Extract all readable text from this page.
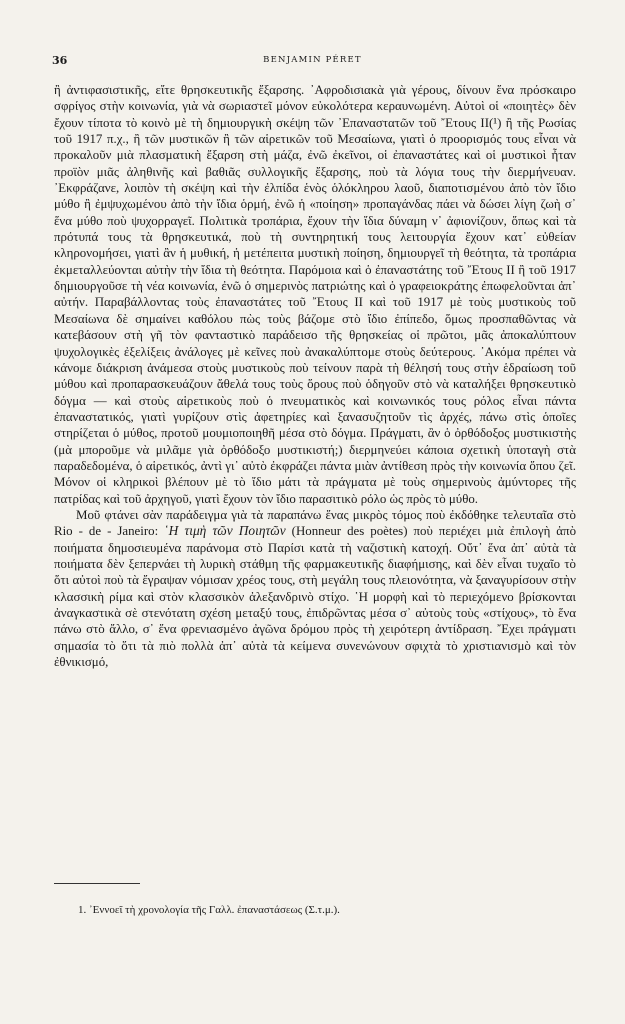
36	BENJAMIN PÉRET

ἢ ἀντιφασιστικῆς, εἴτε θρησκευτικῆς ἔξαρσης. ᾿Αφροδισιακὰ γιὰ γέρους, δίνουν ἕνα πρόσκαιρο σφρίγος στὴν κοινωνία, γιὰ νὰ σωριαστεῖ μόνον εὐκολότερα κεραυνωμένη. Αὐτοὶ οἱ «ποιητὲς» δὲν ἔχουν τίποτα τὸ κοινὸ μὲ τὴ δημιουργικὴ σκέψη τῶν ᾿Επαναστατῶν τοῦ ῎Ετους ΙΙ(¹) ἢ τῆς Ρωσίας τοῦ 1917 π.χ., ἢ τῶν μυστικῶν ἢ τῶν αἱρετικῶν τοῦ Μεσαίωνα, γιατὶ ὁ προορισμός τους εἶναι νὰ προκαλοῦν μιὰ πλασματικὴ ἔξαρση στὴ μάζα, ἐνῶ ἐκεῖνοι, οἱ ἐπαναστάτες καὶ οἱ μυστικοὶ ἦταν προϊὸν μιᾶς ἀληθινῆς καὶ βαθιᾶς συλλογικῆς ἔξαρσης, ποὺ τὰ λόγια τους τὴν διερμήνευαν. ᾿Εκφράζανε, λοιπὸν τὴ σκέψη καὶ τὴν ἐλπίδα ἑνὸς ὁλόκληρου λαοῦ, διαποτισμένου ἀπὸ τὸν ἴδιο μύθο ἢ ἐμψυχωμένου ἀπὸ τὴν ἴδια ὁρμή, ἐνῶ ἡ «ποίηση» προπαγάνδας πάει νὰ δώσει λίγη ζωὴ σ᾿ ἕνα μύθο ποὺ ψυχορραγεῖ. Πολιτικὰ τροπάρια, ἔχουν τὴν ἴδια δύναμη ν᾿ ἀφιονίζουν, ὅπως καὶ τὰ πρότυπά τους τὰ θρησκευτικά, ποὺ τὴ συντηρητική τους λειτουργία ἔχουν κατ᾿ εὐθείαν κληρονομήσει, γιατὶ ἂν ἡ μυθική, ἡ μετέπειτα μυστικὴ ποίηση, δημιουργεῖ τὴ θεότητα, τὰ τροπάρια ἐκμεταλλεύονται αὐτὴν τὴν ἴδια τὴ θεότητα. Παρόμοια καὶ ὁ ἐπαναστάτης τοῦ ῎Ετους ΙΙ ἢ τοῦ 1917 δημιουργοῦσε τὴ νέα κοινωνία, ἐνῶ ὁ σημερινὸς πατριώτης καὶ ὁ γραφειοκράτης ἐπωφελοῦνται ἀπ᾿ αὐτήν. Παραβάλλοντας τοὺς ἐπαναστάτες τοῦ ῎Ετους ΙΙ καὶ τοῦ 1917 μὲ τοὺς μυστικοὺς τοῦ Μεσαίωνα δὲ σημαίνει καθόλου πὼς τοὺς βάζομε στὸ ἴδιο ἐπίπεδο, ὅμως προσπαθῶντας νὰ κατεβάσουν στὴ γῆ τὸν φανταστικὸ παράδεισο τῆς θρησκείας οἱ πρῶτοι, μᾶς ἀποκαλύπτουν ψυχολογικὲς ἐξελίξεις ἀνάλογες μὲ κεῖνες ποὺ ἀνακαλύπτομε στοὺς δεύτερους. ᾿Ακόμα πρέπει νὰ κάνομε διάκριση ἀνάμεσα στοὺς μυστικοὺς ποὺ τείνουν παρὰ τὴ θέλησή τους στὴν ἑδραίωση τοῦ μύθου καὶ προπαρασκευάζουν ἄθελά τους τοὺς ὅρους ποὺ ὁδηγοῦν στὸ νὰ καταλήξει θρησκευτικὸ δόγμα — καὶ στοὺς αἱρετικοὺς ποὺ ὁ πνευματικὸς καὶ κοινωνικός τους ρόλος εἶναι πάντα ἐπαναστατικός, γιατὶ γυρίζουν στὶς ἀφετηρίες καὶ ξανασυζητοῦν τὶς ἀρχές, πάνω στὶς ὁποῖες στηρίζεται ὁ μύθος, προτοῦ μουμιοποιηθῆ μέσα στὸ δόγμα. Πράγματι, ἂν ὁ ὀρθόδοξος μυστικιστὴς (μὰ μποροῦμε νὰ μιλᾶμε γιὰ ὀρθόδοξο μυστικιστή;) διερμηνεύει κάποια σχετικὴ ὑποταγὴ στὰ παραδεδομένα, ὁ αἱρετικός, ἀντὶ γι᾿ αὐτὸ ἐκφράζει πάντα μιὰν ἀντίθεση πρὸς τὴν κοινωνία ὅπου ζεῖ. Μόνον οἱ κληρικοὶ βλέπουν μὲ τὸ ἴδιο μάτι τὰ πράγματα μὲ τοὺς σημερινοὺς ἀμύντορες τῆς πατρίδας καὶ τοῦ ἀρχηγοῦ, γιατὶ ἔχουν τὸν ἴδιο παρασιτικὸ ρόλο ὡς πρὸς τὸ μύθο.

Μοῦ φτάνει σὰν παράδειγμα γιὰ τὰ παραπάνω ἕνας μικρὸς τόμος ποὺ ἐκδόθηκε τελευταῖα στὸ Rio - de - Janeiro: ῾Η τιμὴ τῶν Ποιητῶν (Honneur des poètes) ποὺ περιέχει μιὰ ἐπιλογὴ ἀπὸ ποιήματα δημοσιευμένα παράνομα στὸ Παρίσι κατὰ τὴ ναζιστικὴ κατοχή. Οὔτ᾿ ἕνα ἀπ᾿ αὐτὰ τὰ ποιήματα δὲν ξεπερνάει τὴ λυρικὴ στάθμη τῆς φαρμακευτικῆς διαφήμισης, καὶ δὲν εἶναι τυχαῖο τὸ ὅτι αὐτοὶ ποὺ τὰ ἔγραψαν νόμισαν χρέος τους, στὴ μεγάλη τους πλειονότητα, νὰ ξαναγυρίσουν στὴν κλασσικὴ ρίμα καὶ στὸν κλασσικὸν ἀλεξανδρινὸ στίχο. ῾Η μορφὴ καὶ τὸ περιεχόμενο βρίσκονται ἀναγκαστικὰ σὲ στενότατη σχέση μεταξύ τους, ἐπιδρῶντας μέσα σ᾿ αὐτοὺς τοὺς «στίχους», τὸ ἕνα πάνω στὸ ἄλλο, σ᾿ ἕνα φρενιασμένο ἀγῶνα δρόμου πρὸς τὴ χειρότερη ἀντίδραση. ῎Εχει πράγματι σημασία τὸ ὅτι τὰ πιὸ πολλὰ ἀπ᾿ αὐτὰ τὰ κείμενα συνενώνουν σφιχτὰ τὸ χριστιανισμὸ καὶ τὸν ἐθνικισμό,

1. ᾿Εννοεῖ τὴ χρονολογία τῆς Γαλλ. ἐπαναστάσεως (Σ.τ.μ.).
